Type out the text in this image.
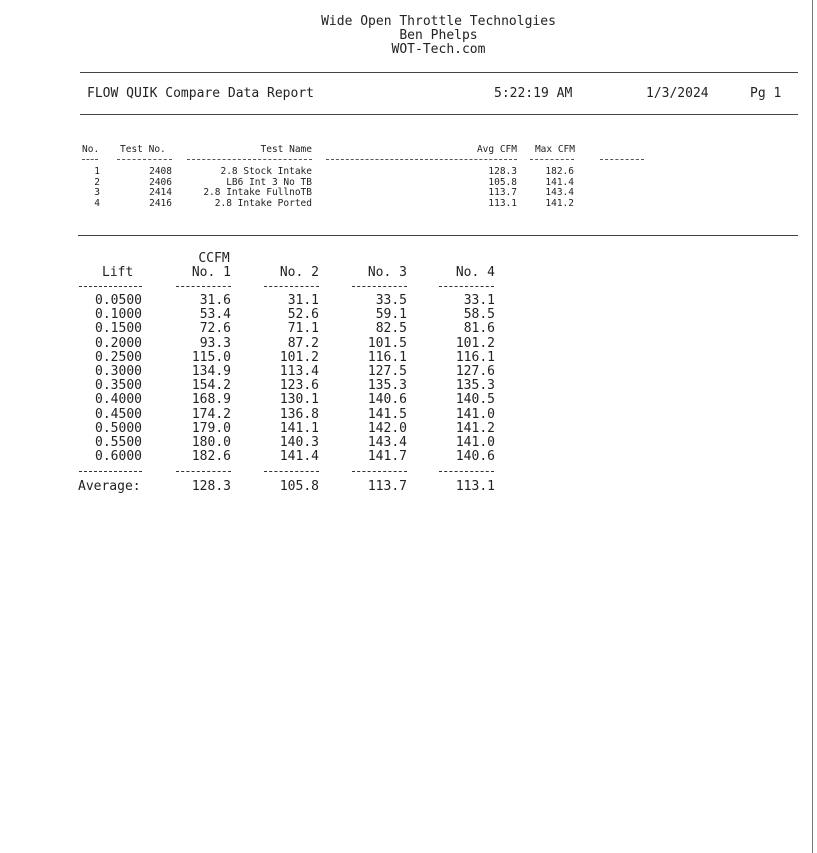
Wide Open Throttle Technolgies
Ben Phelps
WOT-Tech.com
FLOW QUIK Compare Data Report	5:22:19 AM	1/3/2024	Pg 1
No. Test No.	Test Name	Avg CFM	Max CFM
1	2408	2.8 Stock Intake	128.3	182.6
2	2406	LB6 Int 3 No TB	105.8	141.4
3	2414	2.8 Intake FullnoTB	113.7	143.4
4	2416	2.8 Intake Ported	113.1	141.2
CCFM
Lift	No. 1	No. 2	No. 3	No. 4
0.0500	31.6	31.1	33.5	33.1
0.1000	53.4	52.6	59.1	58.5
0.1500	72.6	71.1	82.5	81.6
0.2000	93.3	87.2	101.5	101.2
0.2500	115.0	101.2	116.1	116.1
0.3000	134.9	113.4	127.5	127.6
0.3500	154.2	123.6	135.3	135.3
0.4000	168.9	130.1	140.6	140.5
0.4500	174.2	136.8	141.5	141.0
0.5000	179.0	141.1	142.0	141.2
0.5500	180.0	140.3	143.4	141.0
0.6000	182.6	141.4	141.7	140.6
Average:	128.3	105.8	113.7	113.1
